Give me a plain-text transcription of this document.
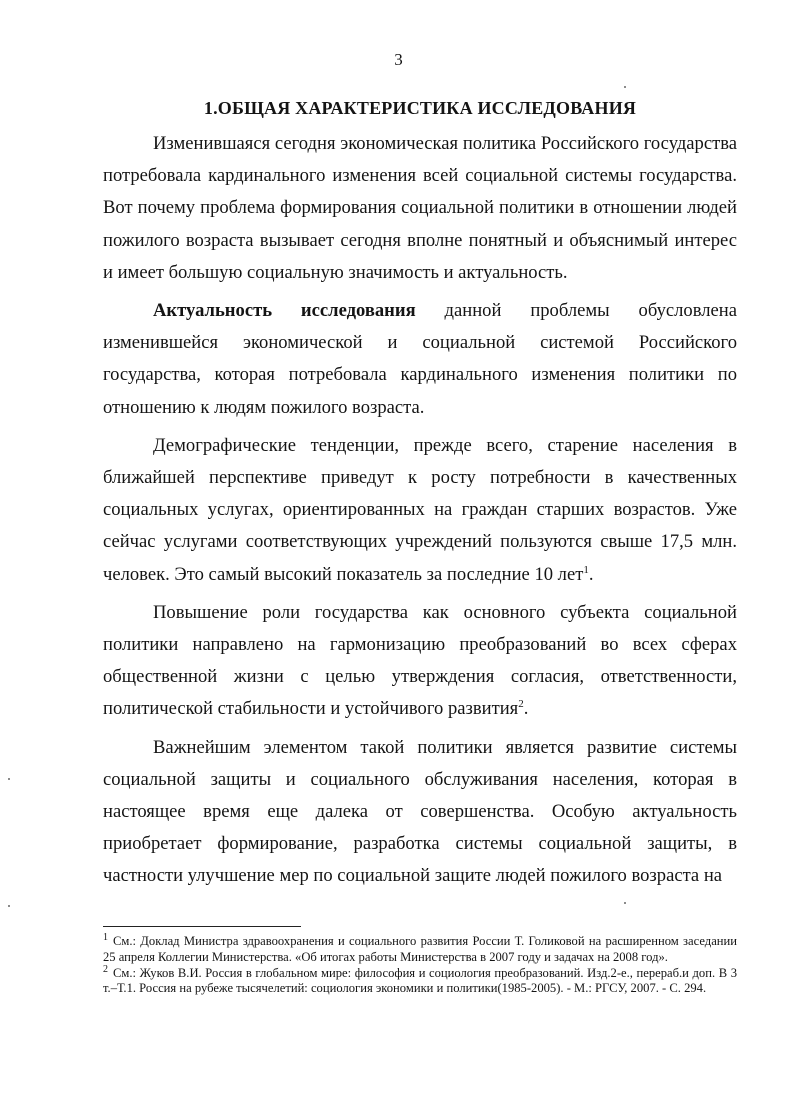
3
1.ОБЩАЯ ХАРАКТЕРИСТИКА ИССЛЕДОВАНИЯ

Изменившаяся сегодня экономическая политика Российского государства потребовала кардинального изменения всей социальной системы государства. Вот почему проблема формирования социальной политики в отношении людей пожилого возраста вызывает сегодня вполне понятный и объяснимый интерес и имеет большую социальную значимость и актуальность.

Актуальность исследования данной проблемы обусловлена изменившейся экономической и социальной системой Российского государства, которая потребовала кардинального изменения политики по отношению к людям пожилого возраста.

Демографические тенденции, прежде всего, старение населения в ближайшей перспективе приведут к росту потребности в качественных социальных услугах, ориентированных на граждан старших возрастов. Уже сейчас услугами соответствующих учреждений пользуются свыше 17,5 млн. человек. Это самый высокий показатель за последние 10 лет$^1$.

Повышение роли государства как основного субъекта социальной политики направлено на гармонизацию преобразований во всех сферах общественной жизни с целью утверждения согласия, ответственности, политической стабильности и устойчивого развития$^2$.

Важнейшим элементом такой политики является развитие системы социальной защиты и социального обслуживания населения, которая в настоящее время еще далека от совершенства. Особую актуальность приобретает формирование, разработка системы социальной защиты, в частности улучшение мер по социальной защите людей пожилого возраста на

$^1$ См.: Доклад Министра здравоохранения и социального развития России Т. Голиковой на расширенном заседании 25 апреля Коллегии Министерства. «Об итогах работы Министерства в 2007 году и задачах на 2008 год».

$^2$ См.: Жуков В.И. Россия в глобальном мире: философия и социология преобразований. Изд.2-е., перераб.и доп. В 3 т.–Т.1. Россия на рубеже тысячелетий: социология экономики и политики(1985-2005). - М.: РГСУ, 2007. - С. 294.
